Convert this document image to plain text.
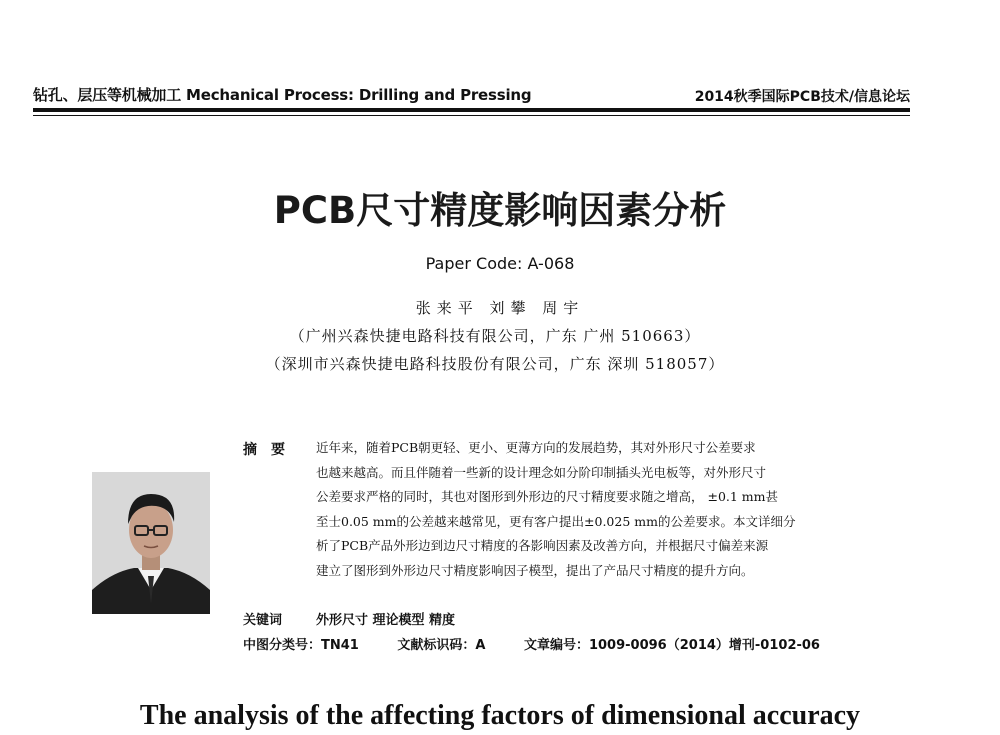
钻孔、层压等机械加工 Mechanical Process: Drilling and Pressing	2014秋季国际PCB技术/信息论坛
PCB尺寸精度影响因素分析
Paper Code: A-068
张来平 刘攀 周宇
（广州兴森快捷电路科技有限公司，广东 广州 510663）
（深圳市兴森快捷电路科技股份有限公司，广东 深圳 518057）
摘要 近年来，随着PCB朝更轻、更小、更薄方向的发展趋势，其对外形尺寸公差要求
也越来越高。而且伴随着一些新的设计理念如分阶印制插头光电板等，对外形尺寸
公差要求严格的同时，其也对图形到外形边的尺寸精度要求随之增高， ±0.1 mm甚
至士0.05 mm的公差越来越常见，更有客户提出±0.025 mm的公差要求。本文详细分
析了PCB产品外形边到边尺寸精度的各影响因素及改善方向，并根据尺寸偏差来源
建立了图形到外形边尺寸精度影响因子模型，提出了产品尺寸精度的提升方向。
关键词	外形尺寸 理论模型 精度
中图分类号：TN41	文献标识码：A	文章编号：1009-0096（2014）增刊-0102-06
The analysis of the affecting factors of dimensional accuracy
